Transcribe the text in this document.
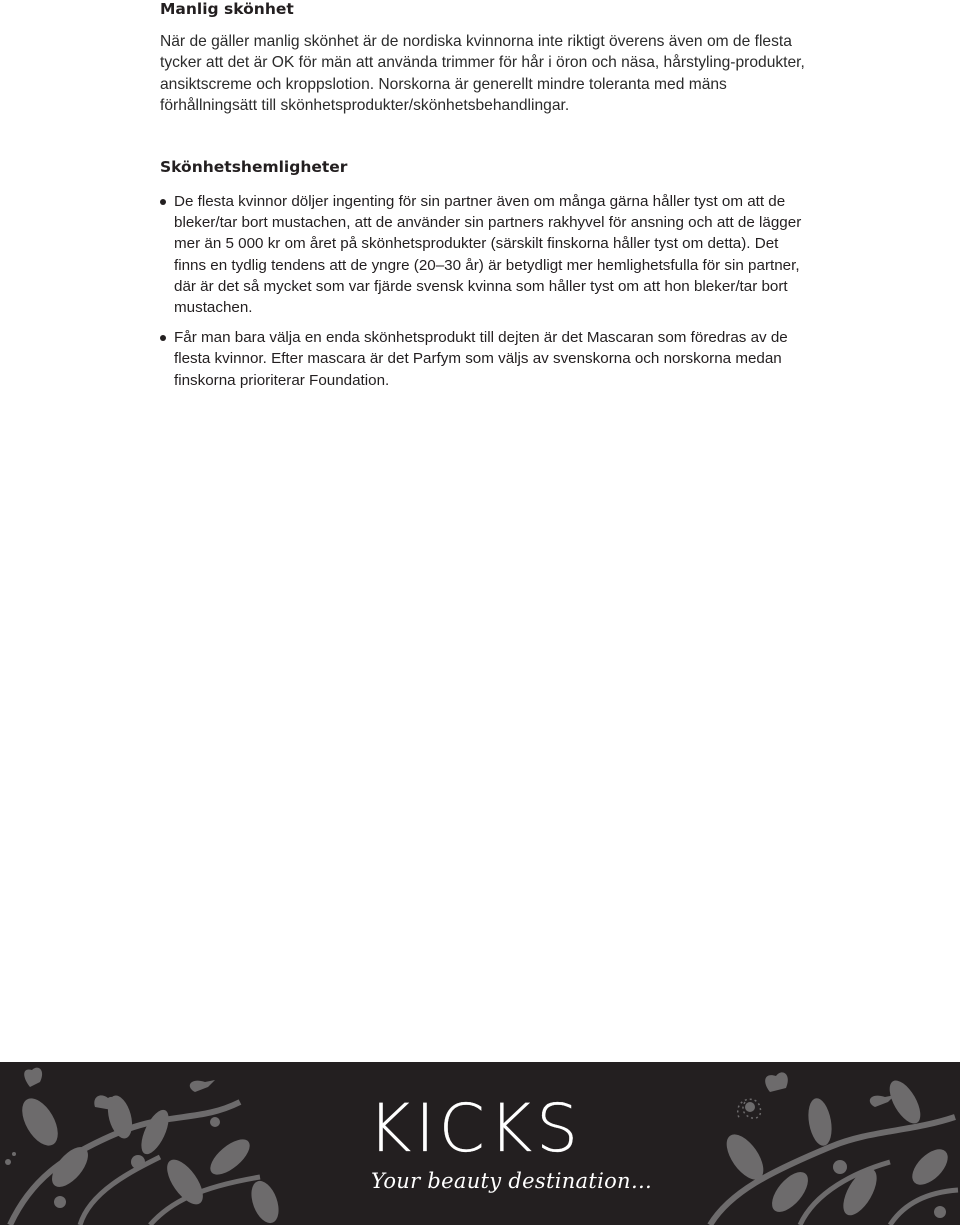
Manlig skönhet

När de gäller manlig skönhet är de nordiska kvinnorna inte riktigt överens även om de flesta tycker att det är OK för män att använda trimmer för hår i öron och näsa, hårstyling-produkter, ansiktscreme och kroppslotion. Norskorna är generellt mindre toleranta med mäns förhållningsätt till skönhetsprodukter/skönhetsbehandlingar.

Skönhetshemligheter
De flesta kvinnor döljer ingenting för sin partner även om många gärna håller tyst om att de bleker/tar bort mustachen, att de använder sin partners rakhyvel för ansning och att de lägger mer än 5 000 kr om året på skönhetsprodukter (särskilt finskorna håller tyst om detta). Det finns en tydlig tendens att de yngre (20–30 år) är betydligt mer hemlighetsfulla för sin partner, där är det så mycket som var fjärde svensk kvinna som håller tyst om att hon bleker/tar bort mustachen.
Får man bara välja en enda skönhetsprodukt till dejten är det Mascaran som föredras av de flesta kvinnor. Efter mascara är det Parfym som väljs av svenskorna och norskorna medan finskorna prioriterar Foundation.
KICKS
Your beauty destination…
